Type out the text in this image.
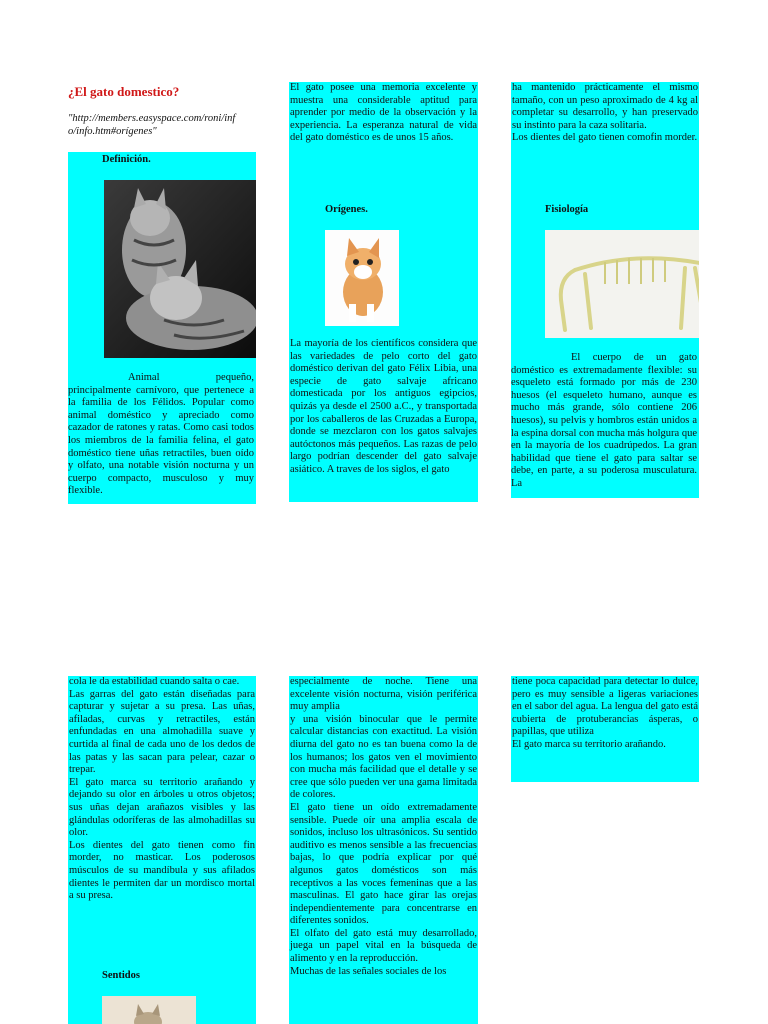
¿El gato domestico?
"http://members.easyspace.com/roni/inf o/info.htm#orígenes"
Definición.

Animal pequeño, principalmente carnívoro, que pertenece a la familia de los Félidos. Popular como animal doméstico y apreciado como cazador de ratones y ratas. Como casi todos los miembros de la familia felina, el gato doméstico tiene uñas retractiles, buen oído y olfato, una notable visión nocturna y un cuerpo compacto, musculoso y muy flexible.

El gato posee una memoria excelente y muestra una considerable aptitud para aprender por medio de la observación y la experiencia. La esperanza natural de vida del gato doméstico es de unos 15 años.

Orígenes.

La mayoría de los científicos considera que las variedades de pelo corto del gato doméstico derivan del gato Félix Libia, una especie de gato salvaje africano domesticada por los antiguos egipcios, quizás ya desde el 2500 a.C., y transportada por los caballeros de las Cruzadas a Europa, donde se mezclaron con los gatos salvajes autóctonos más pequeños. Las razas de pelo largo podrían descender del gato salvaje asiático. A traves de los siglos, el gato

ha mantenido prácticamente el mismo tamaño, con un peso aproximado de 4 kg al completar su desarrollo, y han preservado su instinto para la caza solitaria.

Los dientes del gato tienen comofin morder.

Fisiología

El cuerpo de un gato doméstico es extremadamente flexible: su esqueleto está formado por más de 230 huesos (el esqueleto humano, aunque es mucho más grande, sólo contiene 206 huesos), su pelvis y hombros están unidos a la espina dorsal con mucha más holgura que en la mayoría de los cuadrúpedos. La gran habilidad que tiene el gato para saltar se debe, en parte, a su poderosa musculatura. La

cola le da estabilidad cuando salta o cae.

Las garras del gato están diseñadas para capturar y sujetar a su presa. Las uñas, afiladas, curvas y retractiles, están enfundadas en una almohadilla suave y curtida al final de cada uno de los dedos de las patas y las sacan para pelear, cazar o trepar.

El gato marca su territorio arañando y dejando su olor en árboles u otros objetos; sus uñas dejan arañazos visibles y las glándulas odoríferas de las almohadillas su olor.

Los dientes del gato tienen como fin morder, no masticar. Los poderosos músculos de su mandíbula y sus afilados dientes le permiten dar un mordisco mortal a su presa.

Sentidos

especialmente de noche. Tiene una excelente visión nocturna, visión periférica muy amplia

y una visión binocular que le permite calcular distancias con exactitud. La visión diurna del gato no es tan buena como la de los humanos; los gatos ven el movimiento con mucha más facilidad que el detalle y se cree que sólo pueden ver una gama limitada de colores.

El gato tiene un oído extremadamente sensible. Puede oír una amplia escala de sonidos, incluso los ultrasónicos. Su sentido auditivo es menos sensible a las frecuencias bajas, lo que podría explicar por qué algunos gatos domésticos son más receptivos a las voces femeninas que a las masculinas. El gato hace girar las orejas independientemente para concentrarse en diferentes sonidos.

El olfato del gato está muy desarrollado, juega un papel vital en la búsqueda de alimento y en la reproducción.

Muchas de las señales sociales de los

tiene poca capacidad para detectar lo dulce, pero es muy sensible a ligeras variaciones en el sabor del agua. La lengua del gato está cubierta de protuberancias ásperas, o papillas, que utiliza

El gato marca su territorio arañando.
